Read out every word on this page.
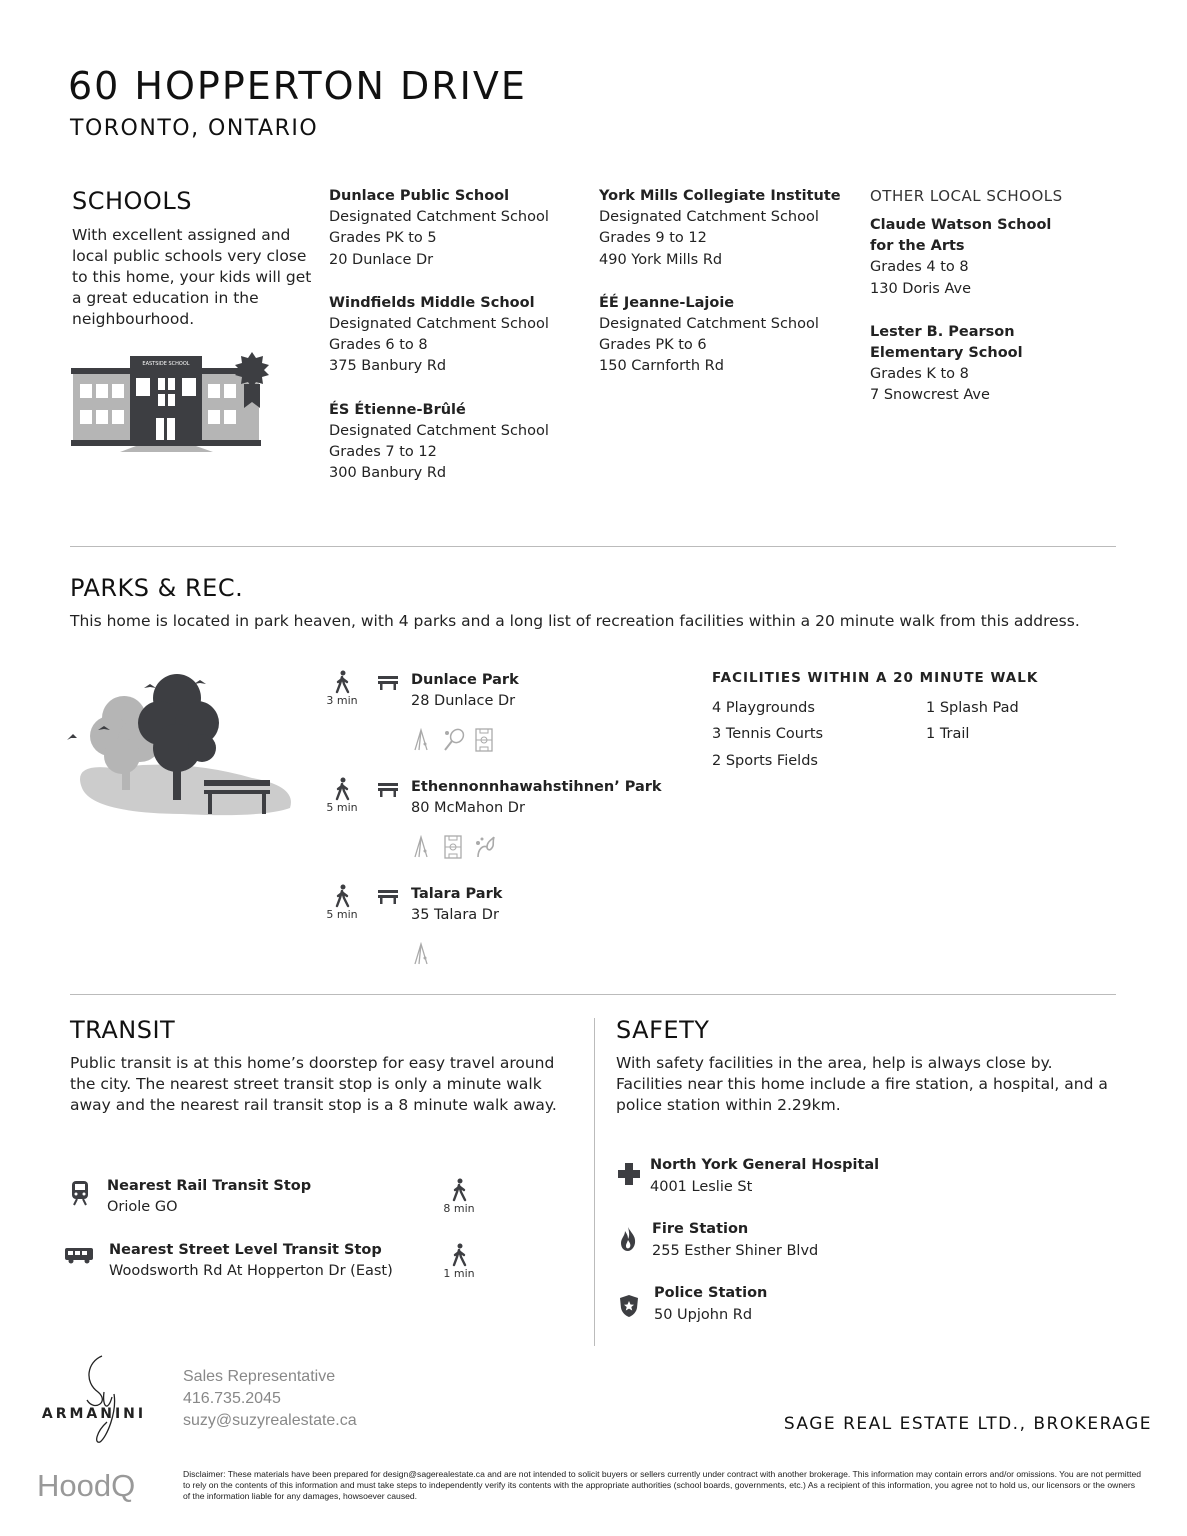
60 HOPPERTON DRIVE
TORONTO, ONTARIO
SCHOOLS
With excellent assigned and local public schools very close to this home, your kids will get a great education in the neighbourhood.
EASTSIDE SCHOOL
Dunlace Public School
Designated Catchment School
Grades PK to 5
20 Dunlace Dr
Windfields Middle School
Designated Catchment School
Grades 6 to 8
375 Banbury Rd
ÉS Étienne-Brûlé
Designated Catchment School
Grades 7 to 12
300 Banbury Rd
York Mills Collegiate Institute
Designated Catchment School
Grades 9 to 12
490 York Mills Rd
ÉÉ Jeanne-Lajoie
Designated Catchment School
Grades PK to 6
150 Carnforth Rd
OTHER LOCAL SCHOOLS
Claude Watson School
for the Arts
Grades 4 to 8
130 Doris Ave
Lester B. Pearson
Elementary School
Grades K to 8
7 Snowcrest Ave
PARKS & REC.
This home is located in park heaven, with 4 parks and a long list of recreation facilities within a 20 minute walk from this address.
3 min
Dunlace Park
28 Dunlace Dr
5 min
Ethennonnhawahstihnen’ Park
80 McMahon Dr
5 min
Talara Park
35 Talara Dr
FACILITIES WITHIN A 20 MINUTE WALK
4 Playgrounds
3 Tennis Courts
2 Sports Fields
1 Splash Pad
1 Trail
TRANSIT
Public transit is at this home’s doorstep for easy travel around the city. The nearest street transit stop is only a minute walk away and the nearest rail transit stop is a 8 minute walk away.
Nearest Rail Transit Stop
Oriole GO
Nearest Street Level Transit Stop
Woodsworth Rd At Hopperton Dr (East)
8 min
1 min
SAFETY
With safety facilities in the area, help is always close by. Facilities near this home include a fire station, a hospital, and a police station within 2.29km.
North York General Hospital
4001 Leslie St
Fire Station
255 Esther Shiner Blvd
Police Station
50 Upjohn Rd
ARMANINI
Sales Representative
416.735.2045
suzy@suzyrealestate.ca	SAGE REAL ESTATE LTD., BROKERAGE
HoodQ	Disclaimer: These materials have been prepared for design@sagerealestate.ca and are not intended to solicit buyers or sellers currently under contract with another brokerage. This information may contain errors and/or omissions. You are not permitted to rely on the contents of this information and must take steps to independently verify its contents with the appropriate authorities (school boards, governments, etc.) As a recipient of this information, you agree not to hold us, our licensors or the owners of the information liable for any damages, howsoever caused.
